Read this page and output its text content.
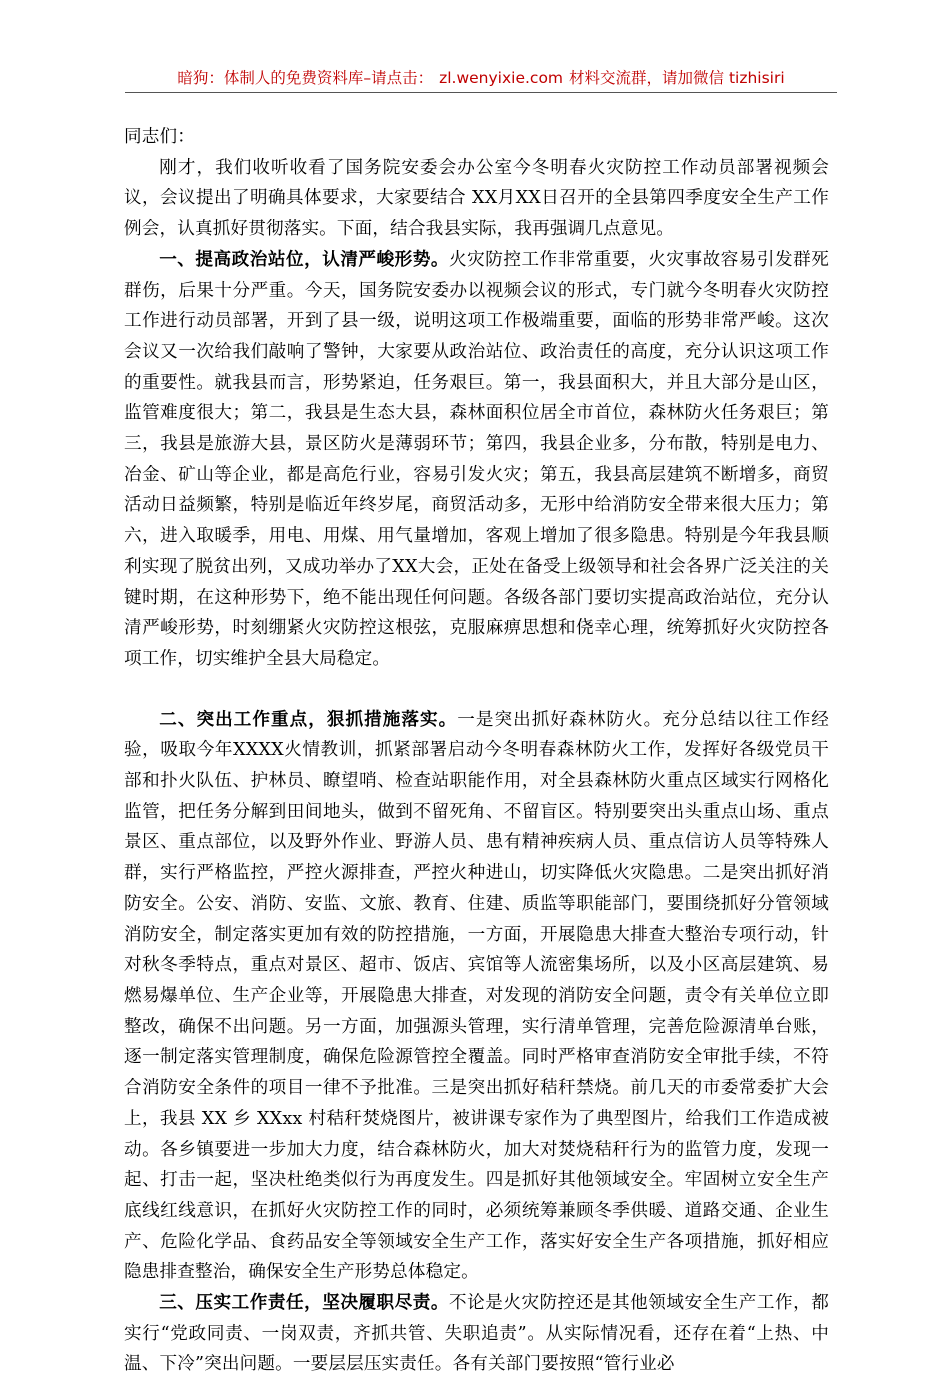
暗狗：体制人的免费资料库–请点击： zl.wenyixie.com 材料交流群，请加微信 tizhisiri

同志们：

刚才，我们收听收看了国务院安委会办公室今冬明春火灾防控工作动员部署视频会议，会议提出了明确具体要求，大家要结合 XX月XX日召开的全县第四季度安全生产工作例会，认真抓好贯彻落实。下面，结合我县实际，我再强调几点意见。

一、提高政治站位，认清严峻形势。火灾防控工作非常重要，火灾事故容易引发群死群伤，后果十分严重。今天，国务院安委办以视频会议的形式，专门就今冬明春火灾防控工作进行动员部署，开到了县一级，说明这项工作极端重要，面临的形势非常严峻。这次会议又一次给我们敲响了警钟，大家要从政治站位、政治责任的高度，充分认识这项工作的重要性。就我县而言，形势紧迫，任务艰巨。第一，我县面积大，并且大部分是山区，监管难度很大；第二，我县是生态大县，森林面积位居全市首位，森林防火任务艰巨；第三，我县是旅游大县，景区防火是薄弱环节；第四，我县企业多，分布散，特别是电力、冶金、矿山等企业，都是高危行业，容易引发火灾；第五，我县高层建筑不断增多，商贸活动日益频繁，特别是临近年终岁尾，商贸活动多，无形中给消防安全带来很大压力；第六，进入取暖季，用电、用煤、用气量增加，客观上增加了很多隐患。特别是今年我县顺利实现了脱贫出列，又成功举办了XX大会，正处在备受上级领导和社会各界广泛关注的关键时期，在这种形势下，绝不能出现任何问题。各级各部门要切实提高政治站位，充分认清严峻形势，时刻绷紧火灾防控这根弦，克服麻痹思想和侥幸心理，统筹抓好火灾防控各项工作，切实维护全县大局稳定。

二、突出工作重点，狠抓措施落实。一是突出抓好森林防火。充分总结以往工作经验，吸取今年XXXX火情教训，抓紧部署启动今冬明春森林防火工作，发挥好各级党员干部和扑火队伍、护林员、瞭望哨、检查站职能作用，对全县森林防火重点区域实行网格化监管，把任务分解到田间地头，做到不留死角、不留盲区。特别要突出头重点山场、重点景区、重点部位，以及野外作业、野游人员、患有精神疾病人员、重点信访人员等特殊人群，实行严格监控，严控火源排查，严控火种进山，切实降低火灾隐患。二是突出抓好消防安全。公安、消防、安监、文旅、教育、住建、质监等职能部门，要围绕抓好分管领域消防安全，制定落实更加有效的防控措施，一方面，开展隐患大排查大整治专项行动，针对秋冬季特点，重点对景区、超市、饭店、宾馆等人流密集场所，以及小区高层建筑、易燃易爆单位、生产企业等，开展隐患大排查，对发现的消防安全问题，责令有关单位立即整改，确保不出问题。另一方面，加强源头管理，实行清单管理，完善危险源清单台账，逐一制定落实管理制度，确保危险源管控全覆盖。同时严格审查消防安全审批手续，不符合消防安全条件的项目一律不予批准。三是突出抓好秸秆禁烧。前几天的市委常委扩大会上，我县 XX 乡 XXxx 村秸秆焚烧图片，被讲课专家作为了典型图片，给我们工作造成被动。各乡镇要进一步加大力度，结合森林防火，加大对焚烧秸秆行为的监管力度，发现一起、打击一起，坚决杜绝类似行为再度发生。四是抓好其他领域安全。牢固树立安全生产底线红线意识，在抓好火灾防控工作的同时，必须统筹兼顾冬季供暖、道路交通、企业生产、危险化学品、食药品安全等领域安全生产工作，落实好安全生产各项措施，抓好相应隐患排查整治，确保安全生产形势总体稳定。

三、压实工作责任，坚决履职尽责。不论是火灾防控还是其他领域安全生产工作，都实行“党政同责、一岗双责，齐抓共管、失职追责”。从实际情况看，还存在着“上热、中温、下冷”突出问题。一要层层压实责任。各有关部门要按照“管行业必
